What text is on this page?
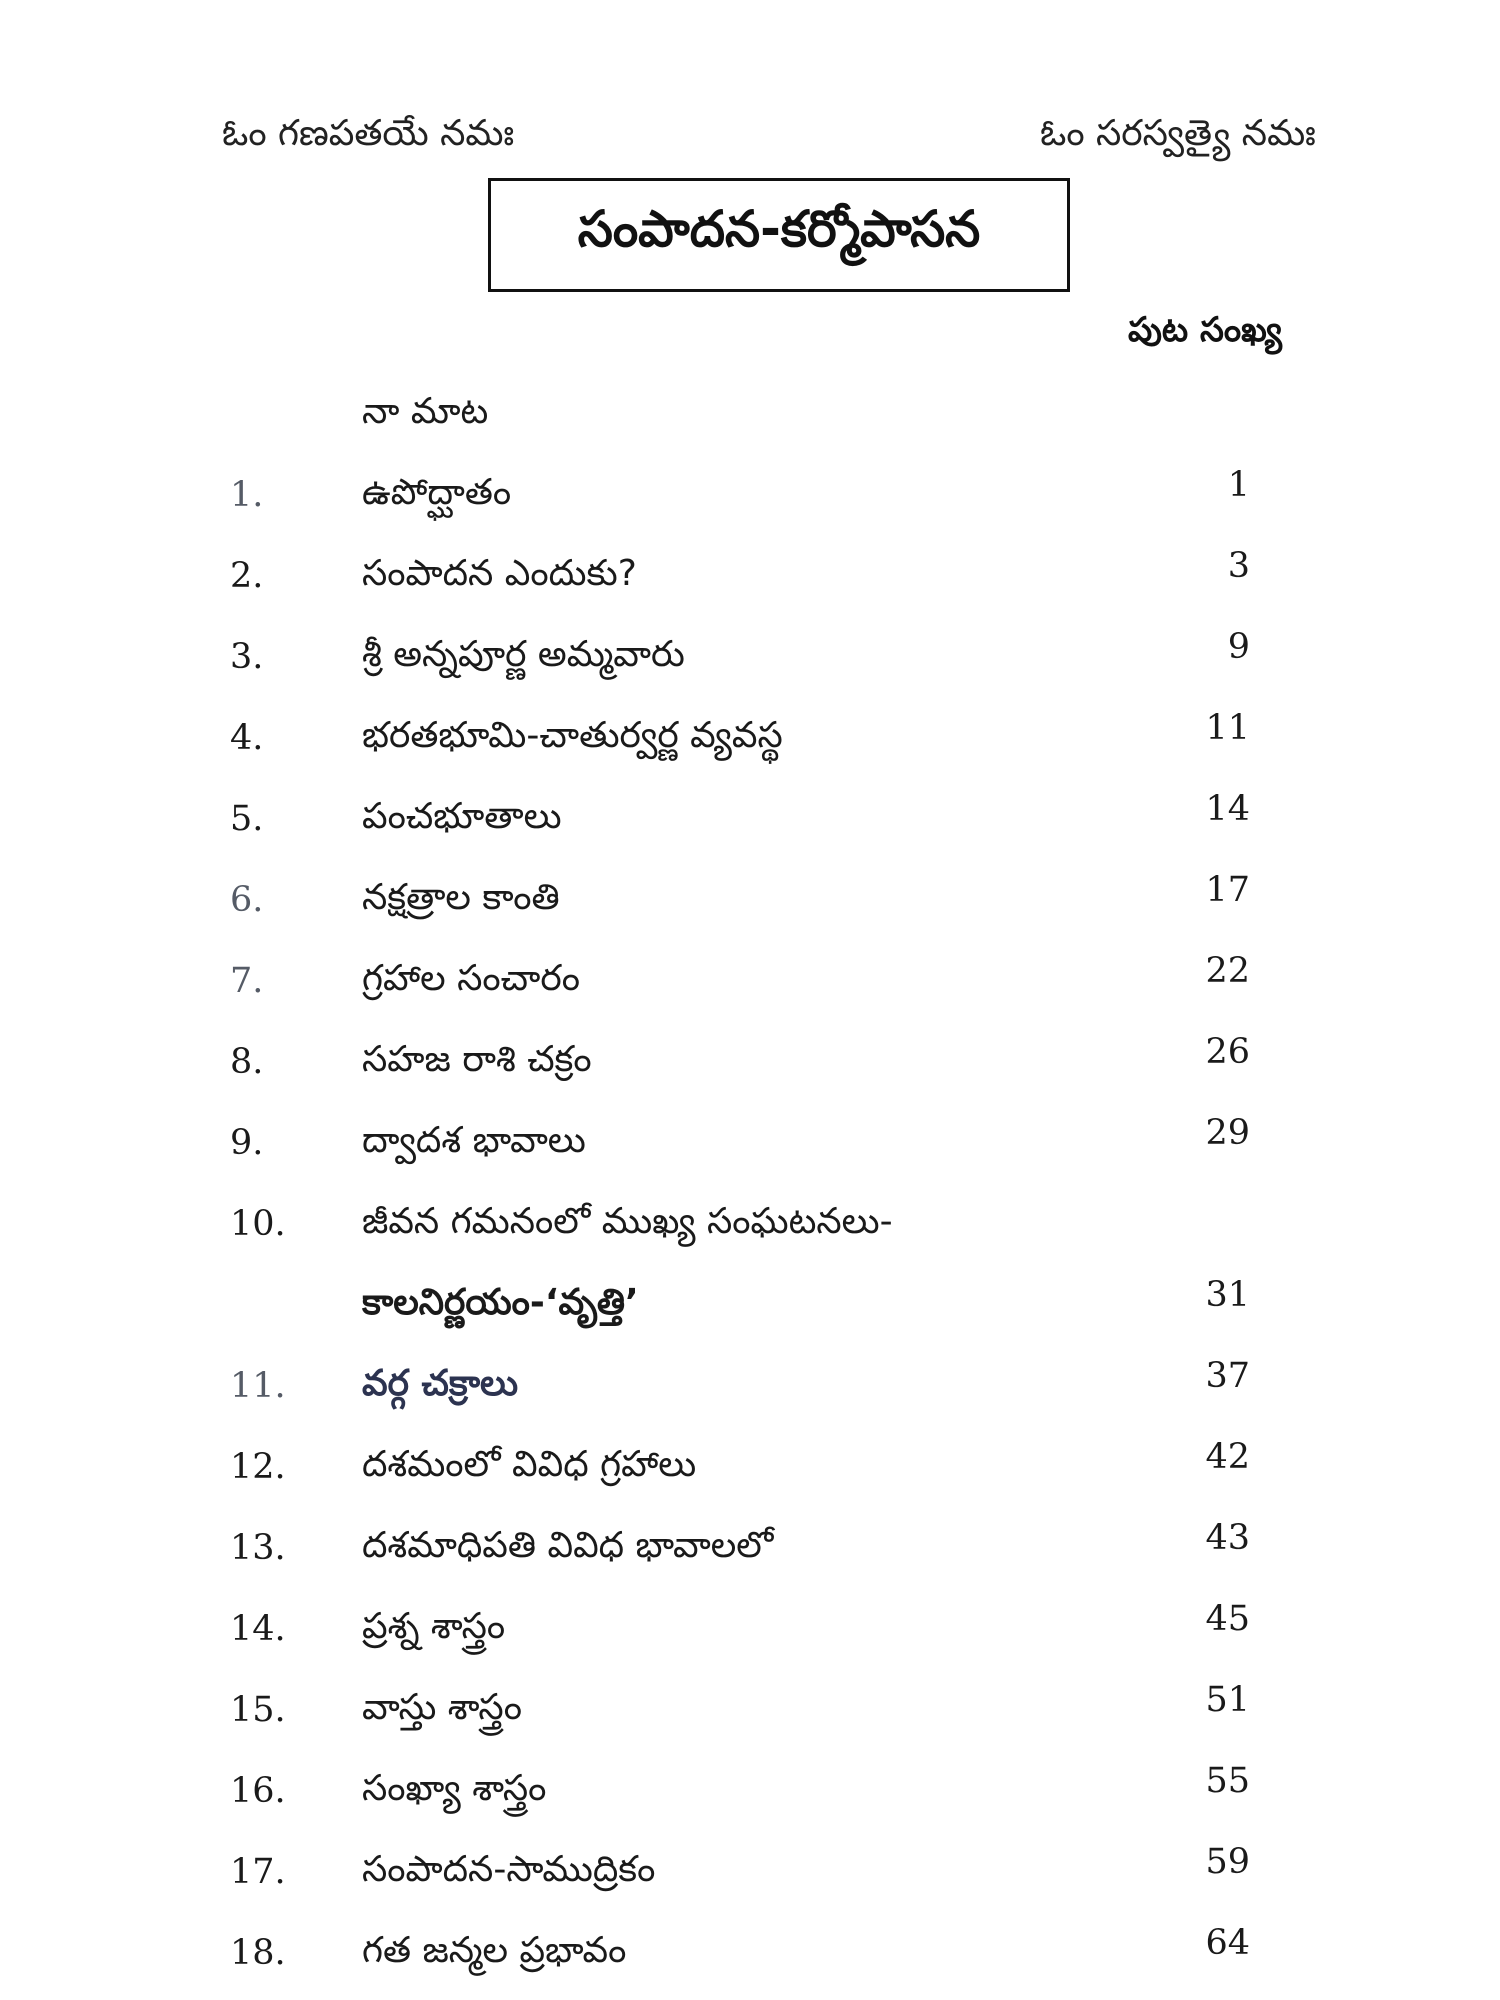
ఓం గణపతయే నమః	ఓం సరస్వత్యై నమః
సంపాదన-కర్మోపాసన
పుట సంఖ్య
నా మాట
1.	ఉపోద్ఘాతం	1
2.	సంపాదన ఎందుకు?	3
3.	శ్రీ అన్నపూర్ణ అమ్మవారు	9
4.	భరతభూమి-చాతుర్వర్ణ వ్యవస్థ	11
5.	పంచభూతాలు	14
6.	నక్షత్రాల కాంతి	17
7.	గ్రహాల సంచారం	22
8.	సహజ రాశి చక్రం	26
9.	ద్వాదశ భావాలు	29
10. జీవన గమనంలో ముఖ్య సంఘటనలు-
కాలనిర్ణయం-‘వృత్తి’	31
11. వర్గ చక్రాలు	37
12. దశమంలో వివిధ గ్రహాలు	42
13. దశమాధిపతి వివిధ భావాలలో	43
14. ప్రశ్న శాస్త్రం	45
15. వాస్తు శాస్త్రం	51
16. సంఖ్యా శాస్త్రం	55
17. సంపాదన-సాముద్రికం	59
18. గత జన్మల ప్రభావం	64
